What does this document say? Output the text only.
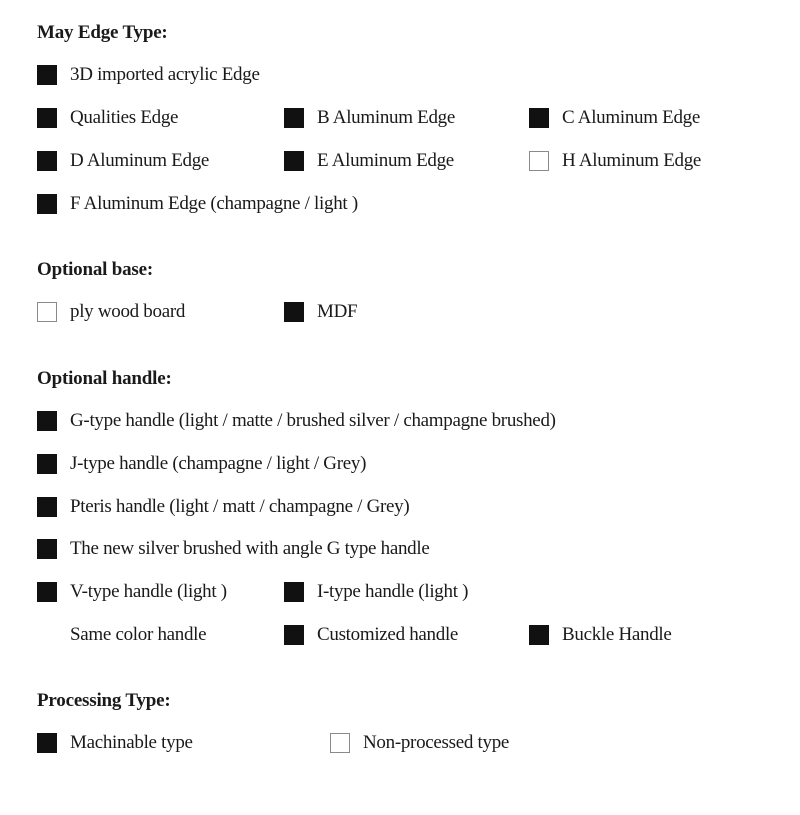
May Edge Type:
3D imported acrylic Edge
Qualities Edge	B Aluminum Edge	C Aluminum Edge
D Aluminum Edge	E Aluminum Edge	H Aluminum Edge
F Aluminum Edge (champagne / light )
Optional base:
ply wood board	MDF
Optional handle:
G-type handle (light / matte / brushed silver / champagne brushed)
J-type handle (champagne / light / Grey)
Pteris handle (light / matt / champagne / Grey)
The new silver brushed with angle G type handle
V-type handle (light )	I-type handle (light )
Same color handle	Customized handle	Buckle Handle
Processing Type:
Machinable type	Non-processed type
